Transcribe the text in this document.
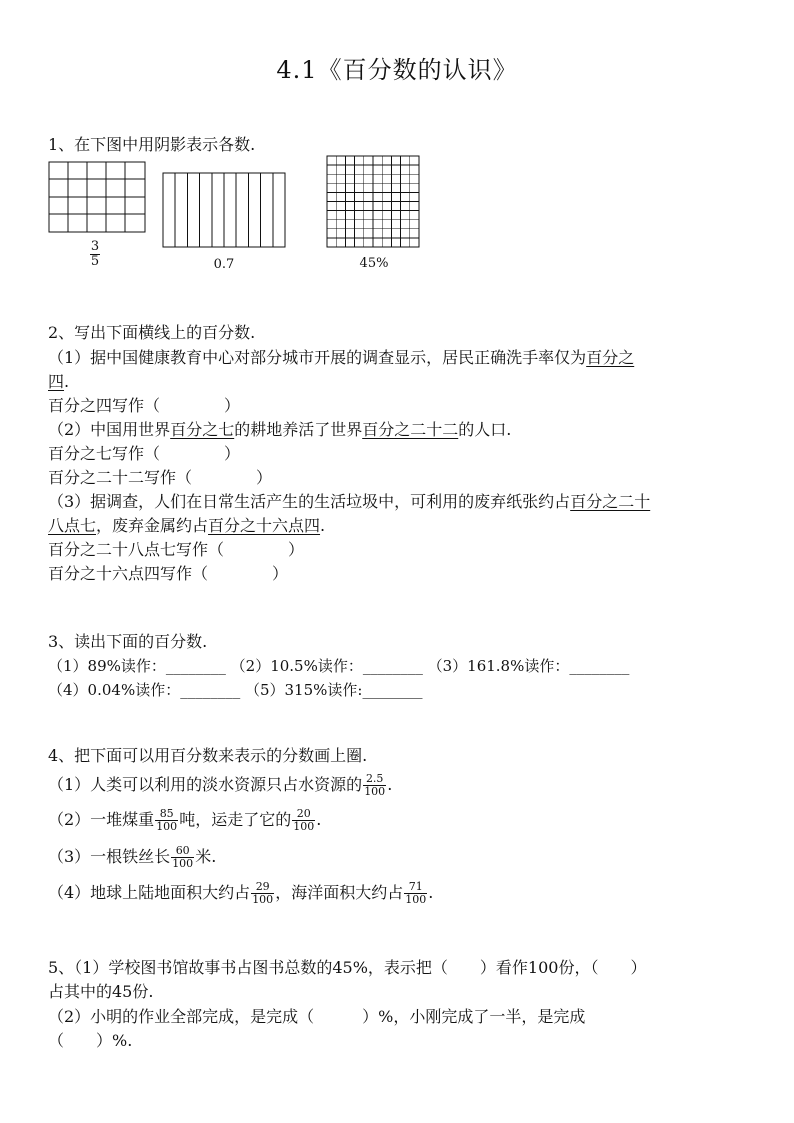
4.1《百分数的认识》
1、在下图中用阴影表示各数.
$\frac{3}{5}$	0.7	45%
2、写出下面横线上的百分数.
（1）据中国健康教育中心对部分城市开展的调查显示，居民正确洗手率仅为百分之
四.
百分之四写作（　　　　）
（2）中国用世界百分之七的耕地养活了世界百分之二十二的人口.
百分之七写作（　　　　）
百分之二十二写作（　　　　）
（3）据调查，人们在日常生活产生的生活垃圾中，可利用的废弃纸张约占百分之二十
八点七，废弃金属约占百分之十六点四.
百分之二十八点七写作（　　　　）
百分之十六点四写作（　　　　）
3、读出下面的百分数.
（1）89%读作：________ （2）10.5%读作：________ （3）161.8%读作：________
（4）0.04%读作：________ （5）315%读作:________
4、把下面可以用百分数来表示的分数画上圈.
（1）人类可以利用的淡水资源只占水资源的 $\frac{2.5}{100}$ .
（2）一堆煤重 $\frac{85}{100}$ 吨，运走了它的 $\frac{20}{100}$ .
（3）一根铁丝长 $\frac{60}{100}$ 米.
（4）地球上陆地面积大约占 $\frac{29}{100}$ ，海洋面积大约占 $\frac{71}{100}$ .
5、（1）学校图书馆故事书占图书总数的45%，表示把（　　）看作100份，（　　）
占其中的45份.
（2）小明的作业全部完成，是完成（　　　）%，小刚完成了一半，是完成
（　　）%.
